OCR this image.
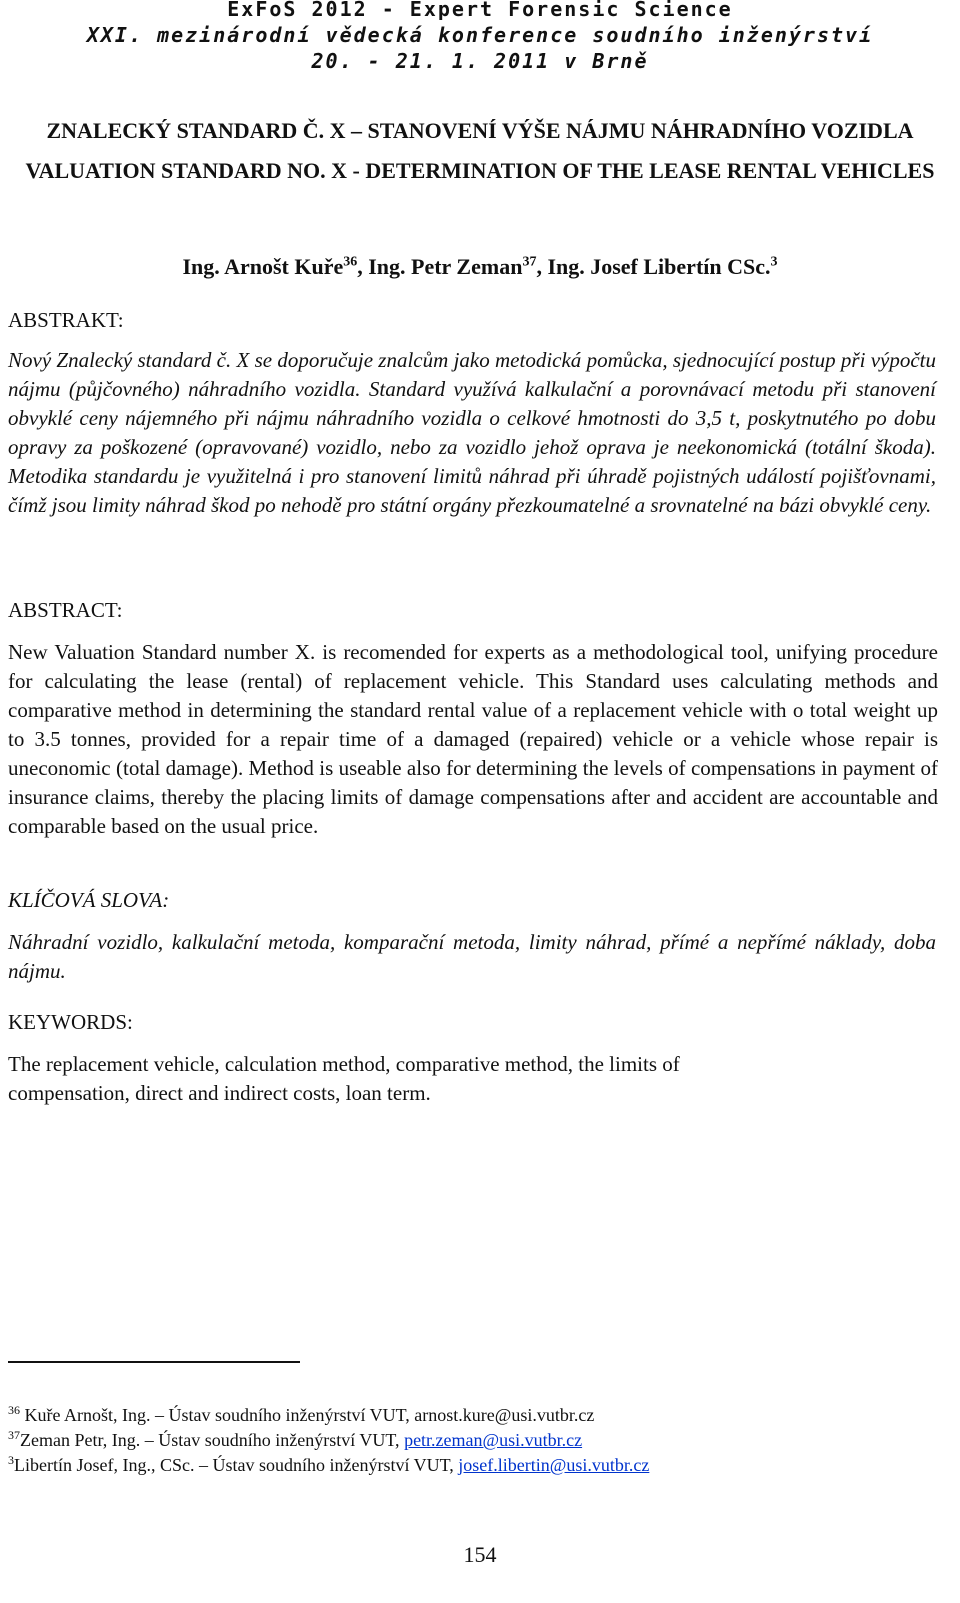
ExFoS 2012 - Expert Forensic Science
XXI. mezinárodní vědecká konference soudního inženýrství
20. - 21. 1. 2011 v Brně
ZNALECKÝ STANDARD Č. X – STANOVENÍ VÝŠE NÁJMU NÁHRADNÍHO VOZIDLA
VALUATION STANDARD NO. X - DETERMINATION OF THE LEASE RENTAL VEHICLES
Ing. Arnošt Kuře$^{36}$, Ing. Petr Zeman$^{37}$, Ing. Josef Libertín CSc.$^3$
ABSTRAKT:
Nový Znalecký standard č. X se doporučuje znalcům jako metodická pomůcka, sjednocující postup při výpočtu nájmu (půjčovného) náhradního vozidla. Standard využívá kalkulační a porovnávací metodu při stanovení obvyklé ceny nájemného při nájmu náhradního vozidla o celkové hmotnosti do 3,5 t, poskytnutého po dobu opravy za poškozené (opravované) vozidlo, nebo za vozidlo jehož oprava je neekonomická (totální škoda). Metodika standardu je využitelná i pro stanovení limitů náhrad při úhradě pojistných událostí pojišťovnami, čímž jsou limity náhrad škod po nehodě pro státní orgány přezkoumatelné a srovnatelné na bázi obvyklé ceny.
ABSTRACT:
New Valuation Standard number X. is recomended for experts as a methodological tool, unifying procedure for calculating the lease (rental) of replacement vehicle. This Standard uses calculating methods and comparative method in determining the standard rental value of a replacement vehicle with o total weight up to 3.5 tonnes, provided for a repair time of a damaged (repaired) vehicle or a vehicle whose repair is uneconomic (total damage). Method is useable also for determining the levels of compensations in payment of insurance claims, thereby the placing limits of damage compensations after and accident are accountable and comparable based on the usual price.
KLÍČOVÁ SLOVA:
Náhradní vozidlo, kalkulační metoda, komparační metoda, limity náhrad, přímé a nepřímé náklady, doba nájmu.
KEYWORDS:
The replacement vehicle, calculation method, comparative method, the limits of compensation, direct and indirect costs, loan term.
$^{36}$ Kuře Arnošt, Ing. – Ústav soudního inženýrství VUT, arnost.kure@usi.vutbr.cz
$^{37}$Zeman Petr, Ing. – Ústav soudního inženýrství VUT, petr.zeman@usi.vutbr.cz
$^3$Libertín Josef, Ing., CSc. – Ústav soudního inženýrství VUT, josef.libertin@usi.vutbr.cz
154
